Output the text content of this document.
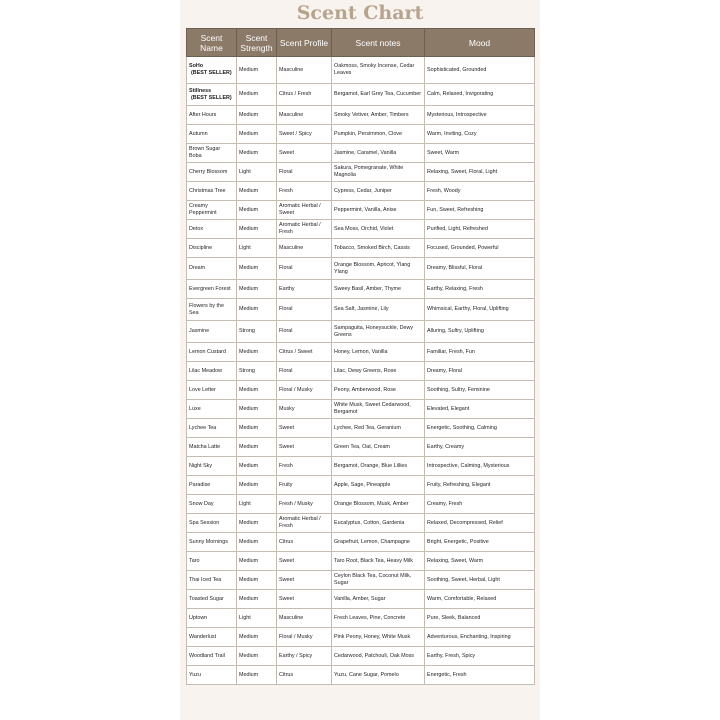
Scent Chart
Scent Name	Scent Strength	Scent Profile	Scent notes	Mood

SoHo
(BEST SELLER)	Medium	Masculine	Oakmoss, Smoky Incense, Cedar Leaves	Sophisticated, Grounded

Stillness
(BEST SELLER)	Medium	Citrus / Fresh	Bergamot, Earl Grey Tea, Cucumber	Calm, Relaxed, Invigorating
After Hours	Medium	Masculine	Smoky Vetiver, Amber, Timbers	Mysterious, Introspective
Autumn	Medium	Sweet / Spicy	Pumpkin, Persimmon, Clove	Warm, Inviting, Cozy
Brown Sugar Boba	Medium	Sweet	Jasmine, Caramel, Vanilla	Sweet, Warm
Cherry Blossom	Light	Floral	Sakura, Pomegranate, White Magnolia	Relaxing, Sweet, Floral, Light
Christmas Tree	Medium	Fresh	Cypress, Cedar, Juniper	Fresh, Woody
Creamy Peppermint	Medium	Aromatic Herbal / Sweet	Peppermint, Vanilla, Anise	Fun, Sweet, Refreshing
Detox	Medium	Aromatic Herbal / Fresh	Sea Moss, Orchid, Violet	Purified, Light, Refreshed
Discipline	Light	Masculine	Tobacco, Smoked Birch, Cassis	Focused, Grounded, Powerful
Dream	Medium	Floral	Orange Blossom, Apricot, Ylang Ylang	Dreamy, Blissful, Floral
Evergreen Forest	Medium	Earthy	Sweey Basil, Amber, Thyme	Earthy, Relaxing, Fresh
Flowers by the Sea	Medium	Floral	Sea Salt, Jasmine, Lily	Whimsical, Earthy, Floral, Uplifting
Jasmine	Strong	Floral	Sampaguita, Honeysuckle, Dewy Greens	Alluring, Sultry, Uplifting
Lemon Custard	Medium	Citrus / Sweet	Honey, Lemon, Vanilla	Familiar, Fresh, Fun
Lilac Meadow	Strong	Floral	Lilac, Dewy Greens, Rose	Dreamy, Floral
Love Letter	Medium	Floral / Musky	Peony, Amberwood, Rose	Soothing, Sultry, Feminine
Luxe	Medium	Musky	White Musk, Sweet Cedarwood, Bergamot	Elevated, Elegant
Lychee Tea	Medium	Sweet	Lychee, Red Tea, Geranium	Energetic, Soothing, Calming
Matcha Latte	Medium	Sweet	Green Tea, Oat, Cream	Earthy, Creamy
Night Sky	Medium	Fresh	Bergamot, Orange, Blue Lillies	Introspective, Calming, Mysterious
Paradise	Medium	Fruity	Apple, Sage, Pineapple	Fruity, Refreshing, Elegant
Snow Day	Light	Fresh / Musky	Orange Blossom, Musk, Amber	Creamy, Fresh
Spa Session	Medium	Aromatic Herbal / Fresh	Eucalyptus, Cotton, Gardenia	Relaxed, Decompressed, Relief
Sunny Mornings	Medium	Citrus	Grapefruit, Lemon, Champagne	Bright, Energetic, Positive
Taro	Medium	Sweet	Taro Root, Black Tea, Heavy Milk	Relaxing, Sweet, Warm
Thai Iced Tea	Medium	Sweet	Ceylon Black Tea, Coconut Milk, Sugar	Soothing, Sweet, Herbal, Light
Toasted Sugar	Medium	Sweet	Vanilla, Amber, Sugar	Warm, Comfortable, Relaxed
Uptown	Light	Masculine	Fresh Leaves, Pine, Concrete	Pure, Sleek, Balanced
Wanderlust	Medium	Floral / Musky	Pink Peony, Honey, White Musk	Adventurous, Enchanting, Inspiring
Woodland Trail	Medium	Earthy / Spicy	Cedarwood, Patchouli, Oak Moss	Earthy, Fresh, Spicy
Yuzu	Medium	Citrus	Yuzu, Cane Sugar, Pomelo	Energetic, Fresh
